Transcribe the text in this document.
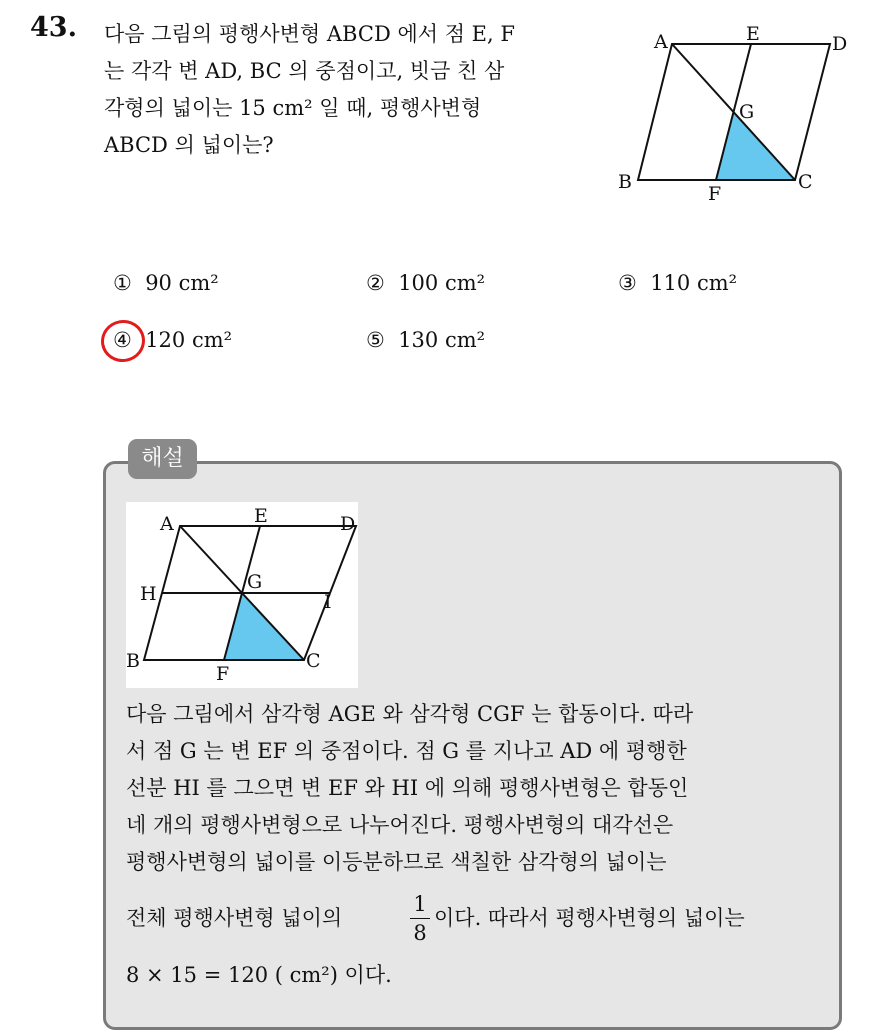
43. 다음 그림의 평행사변형 ABCD 에서 점 E, F
는 각각 변 AD, BC 의 중점이고, 빗금 친 삼
각형의 넓이는 15 cm² 일 때, 평행사변형
ABCD 의 넓이는?
A	E	D
G
B
F
C
① 90 cm²	② 100 cm²	③ 110 cm²
④ 120 cm²	⑤ 130 cm²
해설
A	E	D
H
G
I
B
F
C
다음 그림에서 삼각형 AGE 와 삼각형 CGF 는 합동이다. 따라
서 점 G 는 변 EF 의 중점이다. 점 G 를 지나고 AD 에 평행한
선분 HI 를 그으면 변 EF 와 HI 에 의해 평행사변형은 합동인
네 개의 평행사변형으로 나누어진다. 평행사변형의 대각선은
평행사변형의 넓이를 이등분하므로 색칠한 삼각형의 넓이는
전체 평행사변형 넓이의	이다. 따라서 평행사변형의 넓이는
8 × 15 = 120 ( cm²) 이다.
1
8
